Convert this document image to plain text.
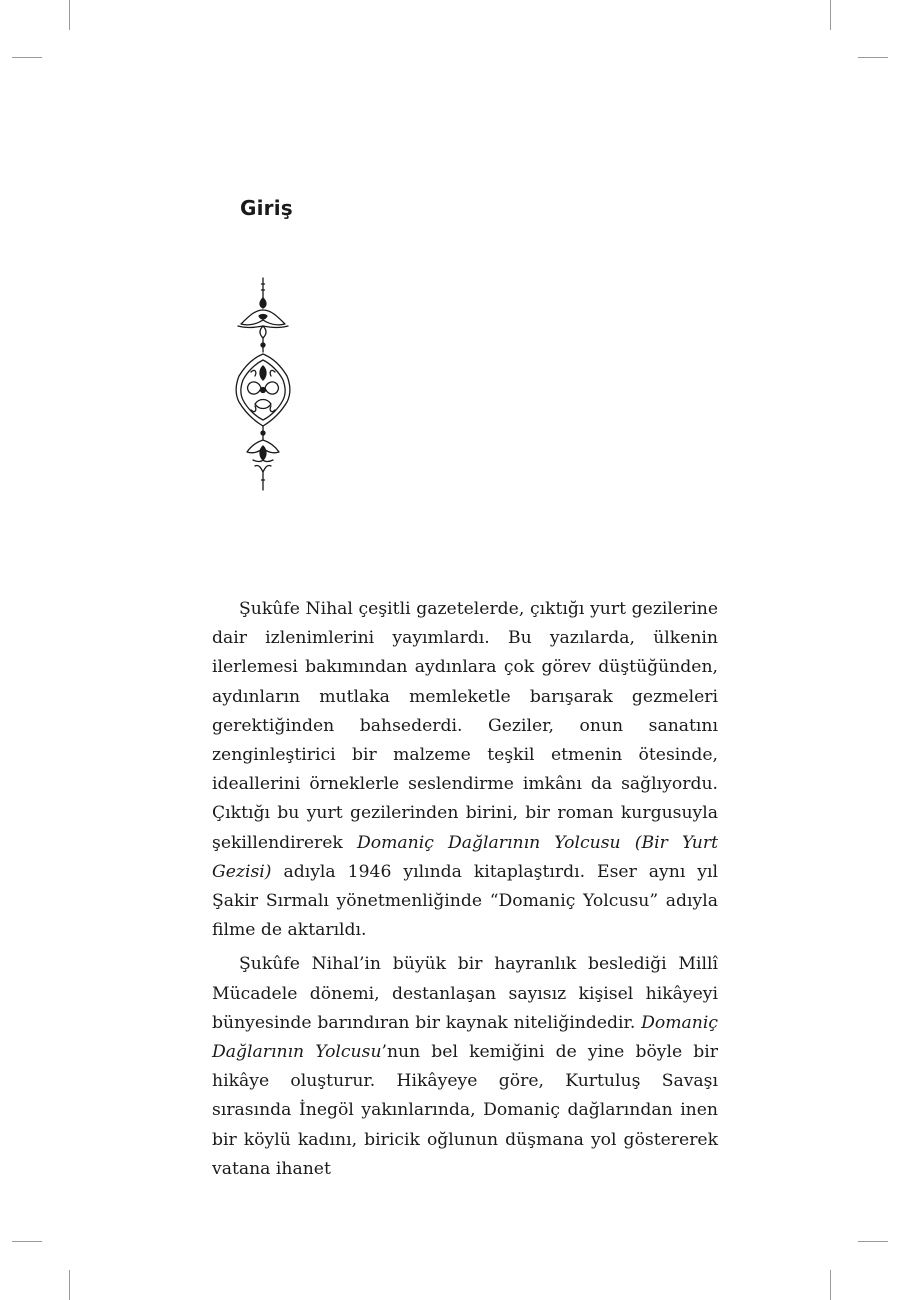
Giriş

Şukûfe Nihal çeşitli gazetelerde, çıktığı yurt gezilerine dair izlenimlerini yayımlardı. Bu yazılarda, ülkenin ilerlemesi bakımından aydınlara çok görev düştüğünden, aydınların mutlaka memleketle barışarak gezmeleri gerektiğinden bahsederdi. Geziler, onun sanatını zenginleştirici bir malzeme teşkil etmenin ötesinde, ideallerini örneklerle seslendirme imkânı da sağlıyordu. Çıktığı bu yurt gezilerinden birini, bir roman kurgusuyla şekillendirerek Domaniç Dağlarının Yolcusu (Bir Yurt Gezisi) adıyla 1946 yılında kitaplaştırdı. Eser aynı yıl Şakir Sırmalı yönetmenliğinde “Domaniç Yolcusu” adıyla filme de aktarıldı.

Şukûfe Nihal’in büyük bir hayranlık beslediği Millî Mücadele dönemi, destanlaşan sayısız kişisel hikâyeyi bünyesinde barındıran bir kaynak niteliğindedir. Domaniç Dağlarının Yolcusu’nun bel kemiğini de yine böyle bir hikâye oluşturur. Hikâyeye göre, Kurtuluş Savaşı sırasında İnegöl yakınlarında, Domaniç dağlarından inen bir köylü kadını, biricik oğlunun düşmana yol göstererek vatana ihanet
